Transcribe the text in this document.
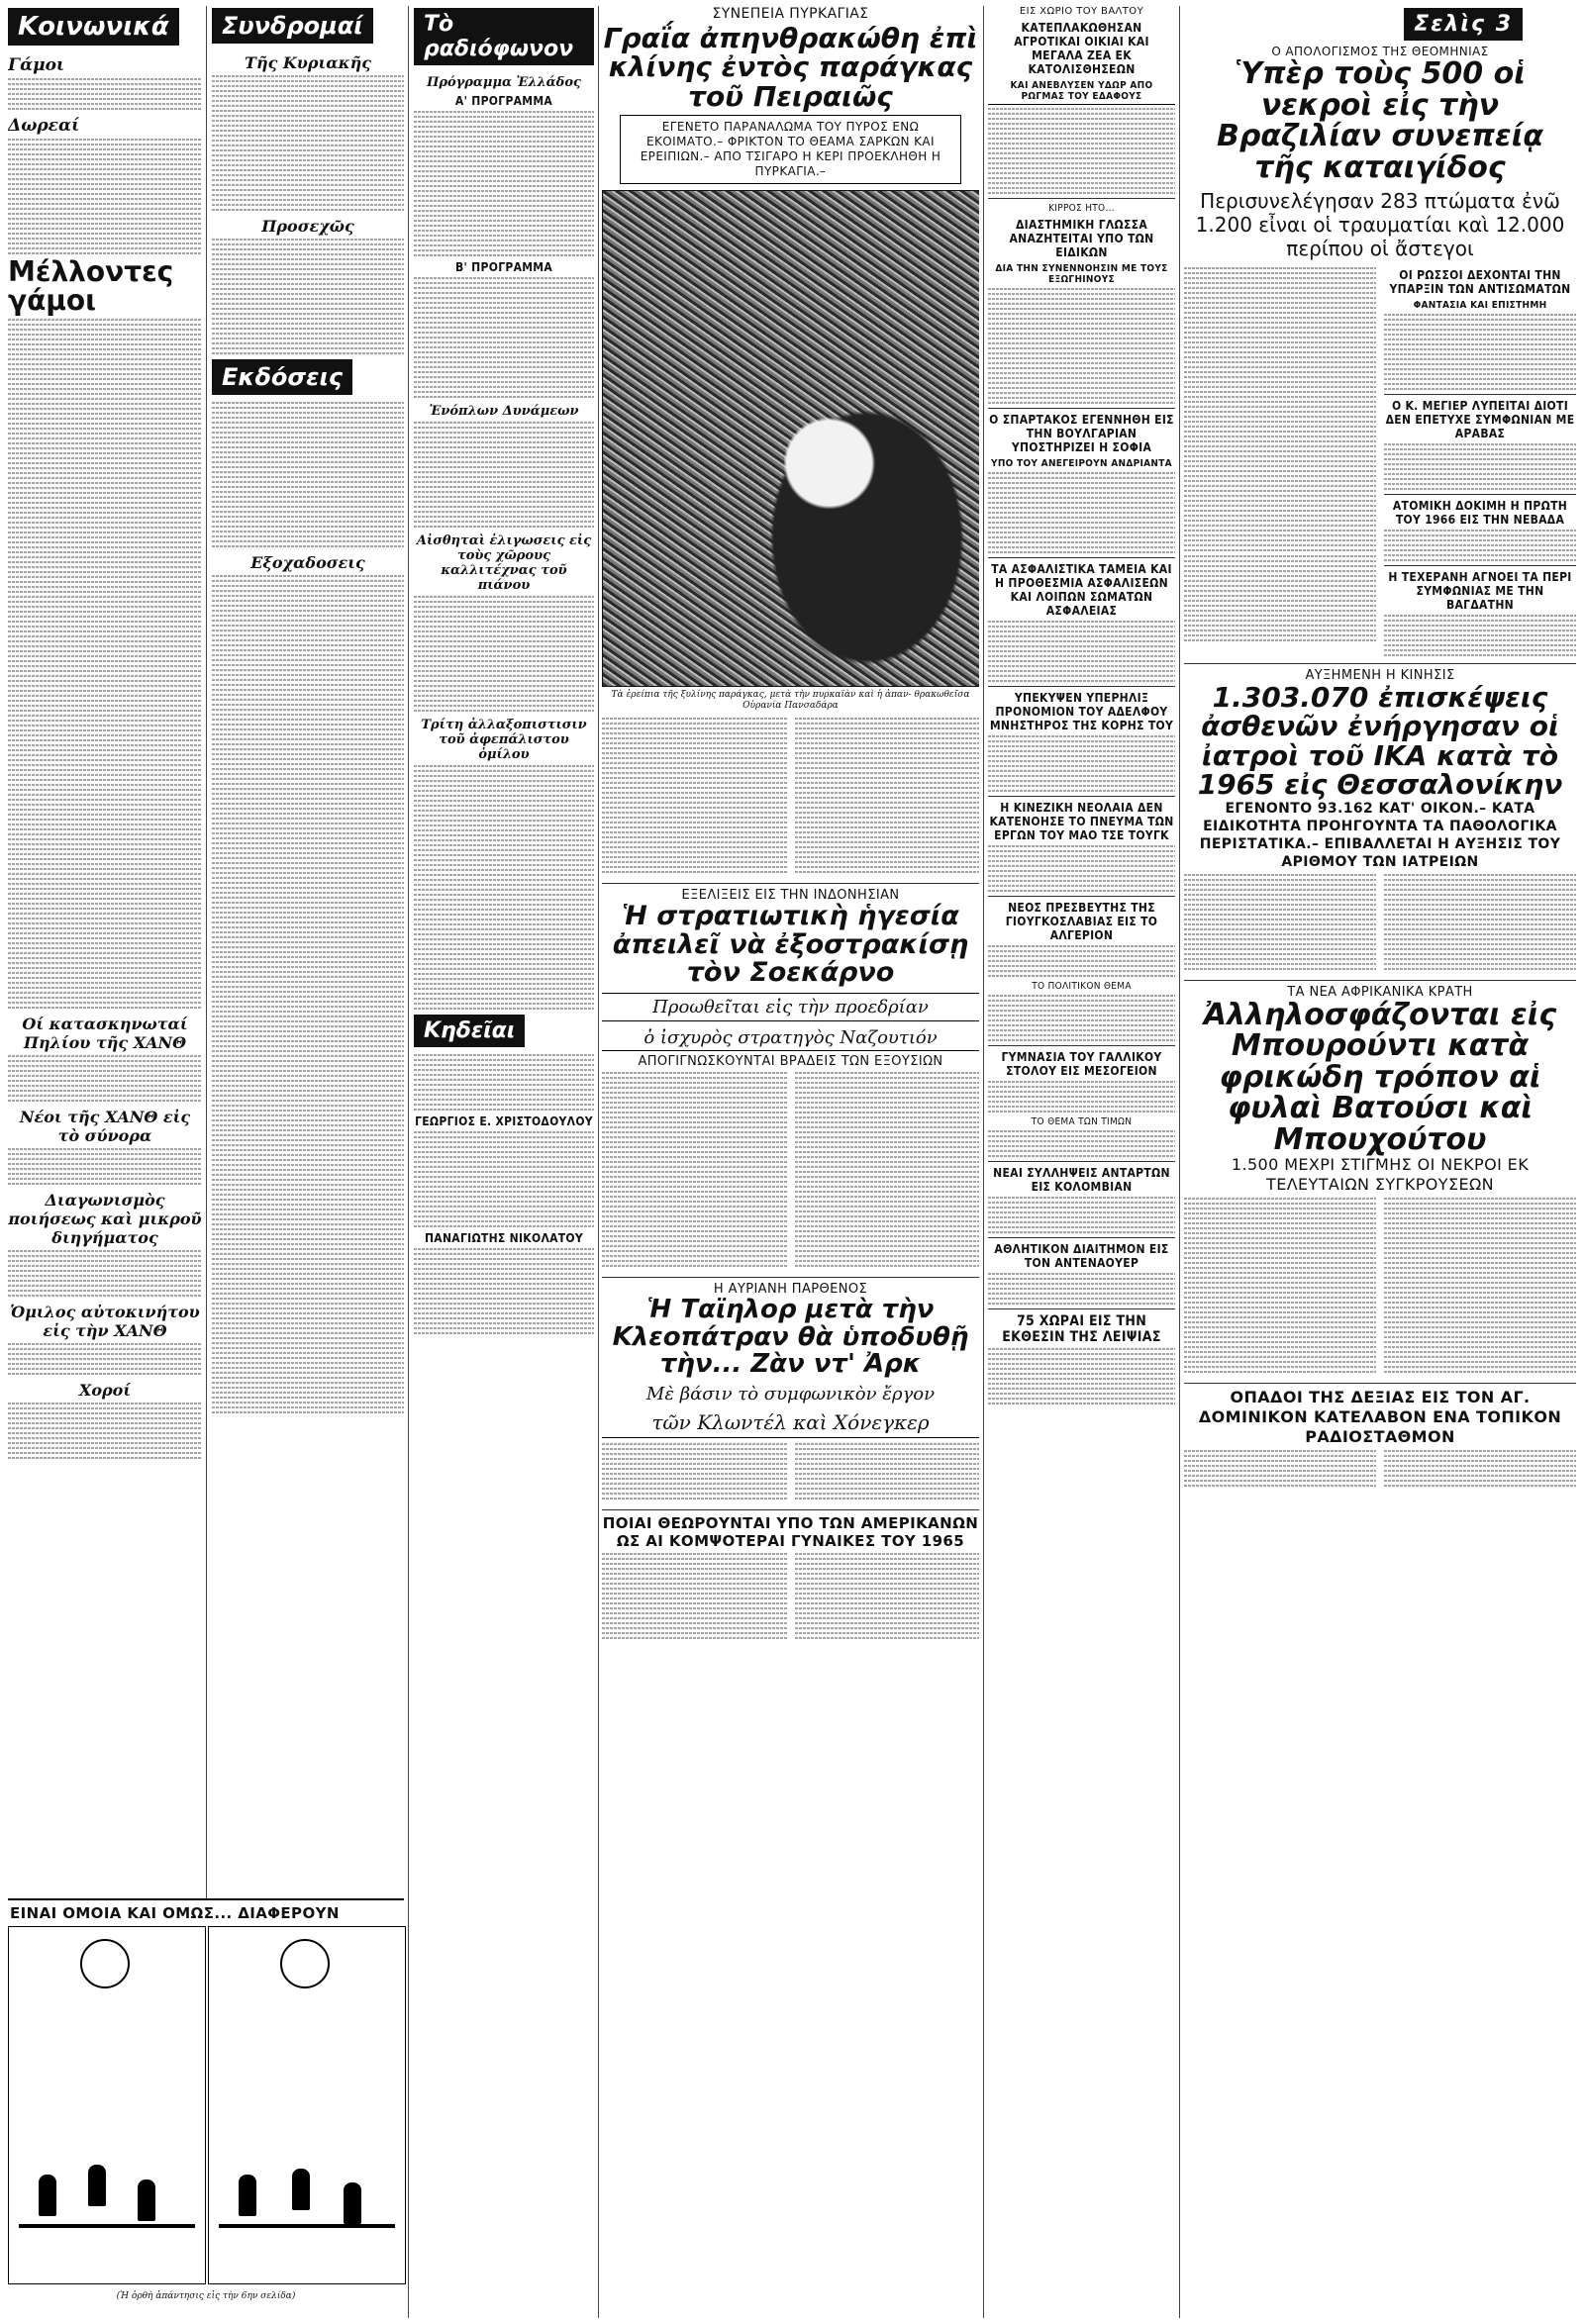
Κοινωνικά
Γάμοι
Δωρεαί
Μέλλοντες γάμοι
Οί κατασκηνωταί Πηλίου τῆς ΧΑΝΘ
Νέοι τῆς ΧΑΝΘ εἰς τὸ σύνορα
Διαγωνισμὸς ποιήσεως καὶ μικροῦ διηγήματος
Ὁμιλος αὐτοκινήτου εἰς τὴν ΧΑΝΘ
Χοροί
ΕΙΝΑΙ ΟΜΟΙΑ ΚΑΙ ΟΜΩΣ... ΔΙΑΦΕΡΟΥΝ
(Ἡ ὀρθὴ ἀπάντησις εἰς τὴν 6ην σελίδα)
Συνδρομαί
Τῆς Κυριακῆς
Προσεχῶς
Εκδόσεις
Εξοχαδοσεις
Τὸ ραδιόφωνον
Πρόγραμμα Ἐλλάδος
Α' ΠΡΟΓΡΑΜΜΑ
Β' ΠΡΟΓΡΑΜΜΑ
Ἐνόπλων Δυνάμεων
Αἰσθηταὶ ἐλιγωσεις εἰς τοὺς χῶρους καλλιτέχνας τοῦ πιάνου
Τρίτη ἀλλαξοπιστισιν τοῦ ἀφεπάλιστου ὀμίλου
Κηδεῖαι
ΓΕΩΡΓΙΟΣ Ε. ΧΡΙΣΤΟΔΟΥΛΟΥ
ΠΑΝΑΓΙΩΤΗΣ ΝΙΚΟΛΑΤΟΥ
ΣΥΝΕΠΕΙΑ ΠΥΡΚΑΓΙΑΣ
Γραΐα ἀπηνθρακώθη ἐπὶ κλίνης ἐντὸς παράγκας τοῦ Πειραιῶς
ΕΓΕΝΕΤΟ ΠΑΡΑΝΑΛΩΜΑ ΤΟΥ ΠΥΡΟΣ ΕΝΩ ΕΚΟΙΜΑΤΟ.– ΦΡΙΚΤΟΝ ΤΟ ΘΕΑΜΑ ΣΑΡΚΩΝ ΚΑΙ ΕΡΕΙΠΙΩΝ.– ΑΠΟ ΤΣΙΓΑΡΟ Η ΚΕΡΙ ΠΡΟΕΚΛΗΘΗ Η ΠΥΡΚΑΓΙΑ.–
Τὰ ἐρείπια τῆς ξυλίνης παράγκας, μετὰ τὴν πυρκαϊὰν καὶ ἡ ἀπαν- θρακωθεῖσα Οὐρανία Πανσαδάρα
ΕΞΕΛΙΞΕΙΣ ΕΙΣ ΤΗΝ ΙΝΔΟΝΗΣΙΑΝ
Ἡ στρατιωτικὴ ἡγεσία ἀπειλεῖ νὰ ἐξοστρακίσῃ τὸν Σοεκάρνο
Προωθεῖται εἰς τὴν προεδρίαν
ὁ ἰσχυρὸς στρατηγὸς Ναζουτιόν
ΑΠΟΓΙΓΝΩΣΚΟΥΝΤΑΙ ΒΡΑΔΕΙΣ ΤΩΝ ΕΞΟΥΣΙΩΝ
Η ΑΥΡΙΑΝΗ ΠΑΡΘΕΝΟΣ
Ἡ Ταϊηλορ μετὰ τὴν Κλεοπάτραν θὰ ὑποδυθῇ τὴν... Ζὰν ντ' Ἀρκ
Μὲ βάσιν τὸ συμφωνικὸν ἔργον
τῶν Κλωντέλ καὶ Χόνεγκερ
ΠΟΙΑΙ ΘΕΩΡΟΥΝΤΑΙ ΥΠΟ ΤΩΝ ΑΜΕΡΙΚΑΝΩΝ ΩΣ ΑΙ ΚΟΜΨΟΤΕΡΑΙ ΓΥΝΑΙΚΕΣ ΤΟΥ 1965
ΕΙΣ ΧΩΡΙΟ ΤΟΥ ΒΑΛΤΟΥ
ΚΑΤΕΠΛΑΚΩΘΗΣΑΝ ΑΓΡΟΤΙΚΑΙ ΟΙΚΙΑΙ ΚΑΙ ΜΕΓΑΛΑ ΖΕΑ ΕΚ ΚΑΤΟΛΙΣΘΗΣΕΩΝ
ΚΑΙ ΑΝΕΒΛΥΣΕΝ ΥΔΩΡ ΑΠΟ ΡΩΓΜΑΣ ΤΟΥ ΕΔΑΦΟΥΣ
ΚΙΡΡΟΣ ΗΤΟ...
ΔΙΑΣΤΗΜΙΚΗ ΓΛΩΣΣΑ ΑΝΑΖΗΤΕΙΤΑΙ ΥΠΟ ΤΩΝ ΕΙΔΙΚΩΝ
ΔΙΑ ΤΗΝ ΣΥΝΕΝΝΟΗΣΙΝ ΜΕ ΤΟΥΣ ΕΞΩΓΗΙΝΟΥΣ
Ο ΣΠΑΡΤΑΚΟΣ ΕΓΕΝΝΗΘΗ ΕΙΣ ΤΗΝ ΒΟΥΛΓΑΡΙΑΝ ΥΠΟΣΤΗΡΙΖΕΙ Η ΣΟΦΙΑ
ΥΠΟ ΤΟΥ ΑΝΕΓΕΙΡΟΥΝ ΑΝΔΡΙΑΝΤΑ
ΤΑ ΑΣΦΑΛΙΣΤΙΚΑ ΤΑΜΕΙΑ ΚΑΙ Η ΠΡΟΘΕΣΜΙΑ ΑΣΦΑΛΙΣΕΩΝ ΚΑΙ ΛΟΙΠΩΝ ΣΩΜΑΤΩΝ ΑΣΦΑΛΕΙΑΣ
ΥΠΕΚΥΨΕΝ ΥΠΕΡΗΛΙΞ ΠΡΟΝΟΜΙΟΝ ΤΟΥ ΑΔΕΛΦΟΥ ΜΝΗΣΤΗΡΟΣ ΤΗΣ ΚΟΡΗΣ ΤΟΥ
Η ΚΙΝΕΖΙΚΗ ΝΕΟΛΑΙΑ ΔΕΝ ΚΑΤΕΝΟΗΣΕ ΤΟ ΠΝΕΥΜΑ ΤΩΝ ΕΡΓΩΝ ΤΟΥ ΜΑΟ ΤΣΕ ΤΟΥΓΚ
ΝΕΟΣ ΠΡΕΣΒΕΥΤΗΣ ΤΗΣ ΓΙΟΥΓΚΟΣΛΑΒΙΑΣ ΕΙΣ ΤΟ ΑΛΓΕΡΙΟΝ
ΤΟ ΠΟΛΙΤΙΚΟΝ ΘΕΜΑ
ΓΥΜΝΑΣΙΑ ΤΟΥ ΓΑΛΛΙΚΟΥ ΣΤΟΛΟΥ ΕΙΣ ΜΕΣΟΓΕΙΟΝ
ΤΟ ΘΕΜΑ ΤΩΝ ΤΙΜΩΝ
ΝΕΑΙ ΣΥΛΛΗΨΕΙΣ ΑΝΤΑΡΤΩΝ ΕΙΣ ΚΟΛΟΜΒΙΑΝ
ΑΘΛΗΤΙΚΟΝ ΔΙΑΙΤΗΜΟΝ ΕΙΣ ΤΟΝ ΑΝΤΕΝΑΟΥΕΡ
75 ΧΩΡΑΙ ΕΙΣ ΤΗΝ ΕΚΘΕΣΙΝ ΤΗΣ ΛΕΙΨΙΑΣ
Σελὶς 3
Ο ΑΠΟΛΟΓΙΣΜΟΣ ΤΗΣ ΘΕΟΜΗΝΙΑΣ
Ὑπὲρ τοὺς 500 οἱ νεκροὶ εἰς τὴν Βραζιλίαν συνεπείᾳ τῆς καταιγίδος
Περισυνελέγησαν 283 πτώματα ἐνῶ 1.200 εἶναι οἱ τραυματίαι καὶ 12.000 περίπου οἱ ἄστεγοι
ΟΙ ΡΩΣΣΟΙ ΔΕΧΟΝΤΑΙ ΤΗΝ ΥΠΑΡΞΙΝ ΤΩΝ ΑΝΤΙΣΩΜΑΤΩΝ
ΦΑΝΤΑΣΙΑ ΚΑΙ ΕΠΙΣΤΗΜΗ
Ο Κ. ΜΕΓΙΕΡ ΛΥΠΕΙΤΑΙ ΔΙΟΤΙ ΔΕΝ ΕΠΕΤΥΧΕ ΣΥΜΦΩΝΙΑΝ ΜΕ ΑΡΑΒΑΣ
ΑΤΟΜΙΚΗ ΔΟΚΙΜΗ Η ΠΡΩΤΗ ΤΟΥ 1966 ΕΙΣ ΤΗΝ ΝΕΒΑΔΑ
Η ΤΕΧΕΡΑΝΗ ΑΓΝΟΕΙ ΤΑ ΠΕΡΙ ΣΥΜΦΩΝΙΑΣ ΜΕ ΤΗΝ ΒΑΓΔΑΤΗΝ
ΑΥΞΗΜΕΝΗ Η ΚΙΝΗΣΙΣ
1.303.070 ἐπισκέψεις ἀσθενῶν ἐνήργησαν οἱ ἰατροὶ τοῦ ΙΚΑ κατὰ τὸ 1965 εἰς Θεσσαλονίκην
ΕΓΕΝΟΝΤΟ 93.162 ΚΑΤ' ΟΙΚΟΝ.– ΚΑΤΑ ΕΙΔΙΚΟΤΗΤΑ ΠΡΟΗΓΟΥΝΤΑ ΤΑ ΠΑΘΟΛΟΓΙΚΑ ΠΕΡΙΣΤΑΤΙΚΑ.– ΕΠΙΒΑΛΛΕΤΑΙ Η ΑΥΞΗΣΙΣ ΤΟΥ ΑΡΙΘΜΟΥ ΤΩΝ ΙΑΤΡΕΙΩΝ
ΤΑ ΝΕΑ ΑΦΡΙΚΑΝΙΚΑ ΚΡΑΤΗ
Ἀλληλοσφάζονται εἰς Μπουρούντι κατὰ φρικώδη τρόπον αἱ φυλαὶ Βατούσι καὶ Μπουχούτου
1.500 ΜΕΧΡΙ ΣΤΙΓΜΗΣ ΟΙ ΝΕΚΡΟΙ ΕΚ ΤΕΛΕΥΤΑΙΩΝ ΣΥΓΚΡΟΥΣΕΩΝ
ΟΠΑΔΟΙ ΤΗΣ ΔΕΞΙΑΣ ΕΙΣ ΤΟΝ ΑΓ. ΔΟΜΙΝΙΚΟΝ ΚΑΤΕΛΑΒΟΝ ΕΝΑ ΤΟΠΙΚΟΝ ΡΑΔΙΟΣΤΑΘΜΟΝ
